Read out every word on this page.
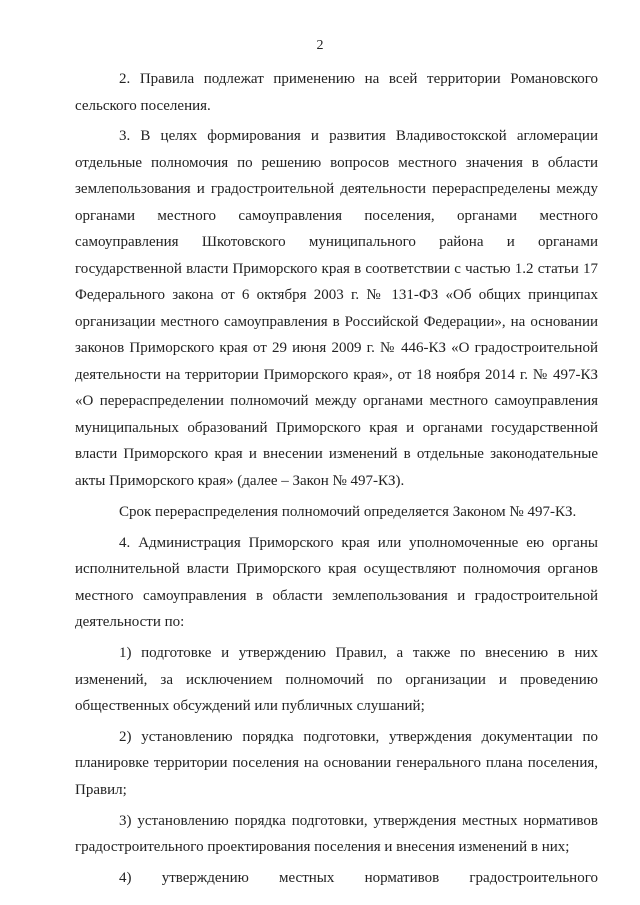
2

2. Правила подлежат применению на всей территории Романовского сельского поселения.

3. В целях формирования и развития Владивостокской агломерации отдельные полномочия по решению вопросов местного значения в области землепользования и градостроительной деятельности перераспределены между органами местного самоуправления поселения, органами местного самоуправления Шкотовского муниципального района и органами государственной власти Приморского края в соответствии с частью 1.2 статьи 17 Федерального закона от 6 октября 2003 г. № 131-ФЗ «Об общих принципах организации местного самоуправления в Российской Федерации», на основании законов Приморского края от 29 июня 2009 г. № 446-КЗ «О градостроительной деятельности на территории Приморского края», от 18 ноября 2014 г. № 497-КЗ «О перераспределении полномочий между органами местного самоуправления муниципальных образований Приморского края и органами государственной власти Приморского края и внесении изменений в отдельные законодательные акты Приморского края» (далее – Закон № 497-КЗ).

Срок перераспределения полномочий определяется Законом № 497-КЗ.

4. Администрация Приморского края или уполномоченные ею органы исполнительной власти Приморского края осуществляют полномочия органов местного самоуправления в области землепользования и градостроительной деятельности по:

1) подготовке и утверждению Правил, а также по внесению в них изменений, за исключением полномочий по организации и проведению общественных обсуждений или публичных слушаний;

2) установлению порядка подготовки, утверждения документации по планировке территории поселения на основании генерального плана поселения, Правил;

3) установлению порядка подготовки, утверждения местных нормативов градостроительного проектирования поселения и внесения изменений в них;

4) утверждению местных нормативов градостроительного
